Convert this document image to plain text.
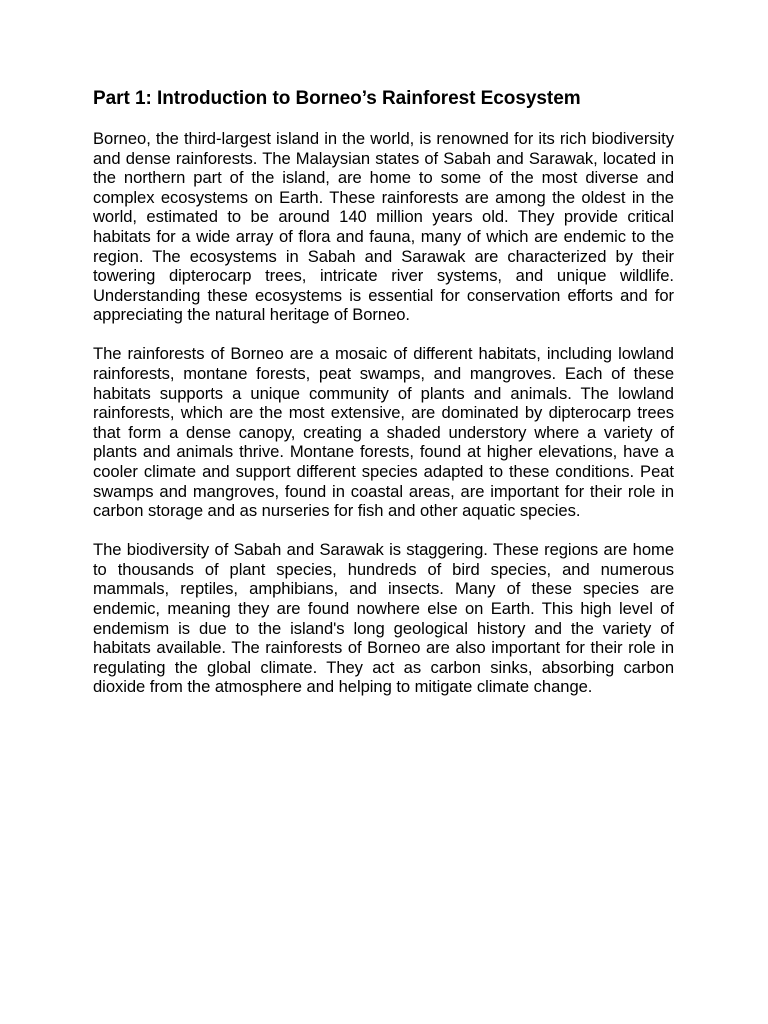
Part 1: Introduction to Borneo’s Rainforest Ecosystem

Borneo, the third-largest island in the world, is renowned for its rich biodiversity and dense rainforests. The Malaysian states of Sabah and Sarawak, located in the northern part of the island, are home to some of the most diverse and complex ecosystems on Earth. These rainforests are among the oldest in the world, estimated to be around 140 million years old. They provide critical habitats for a wide array of flora and fauna, many of which are endemic to the region. The ecosystems in Sabah and Sarawak are characterized by their towering dipterocarp trees, intricate river systems, and unique wildlife. Understanding these ecosystems is essential for conservation efforts and for appreciating the natural heritage of Borneo.

The rainforests of Borneo are a mosaic of different habitats, including lowland rainforests, montane forests, peat swamps, and mangroves. Each of these habitats supports a unique community of plants and animals. The lowland rainforests, which are the most extensive, are dominated by dipterocarp trees that form a dense canopy, creating a shaded understory where a variety of plants and animals thrive. Montane forests, found at higher elevations, have a cooler climate and support different species adapted to these conditions. Peat swamps and mangroves, found in coastal areas, are important for their role in carbon storage and as nurseries for fish and other aquatic species.

The biodiversity of Sabah and Sarawak is staggering. These regions are home to thousands of plant species, hundreds of bird species, and numerous mammals, reptiles, amphibians, and insects. Many of these species are endemic, meaning they are found nowhere else on Earth. This high level of endemism is due to the island's long geological history and the variety of habitats available. The rainforests of Borneo are also important for their role in regulating the global climate. They act as carbon sinks, absorbing carbon dioxide from the atmosphere and helping to mitigate climate change.
